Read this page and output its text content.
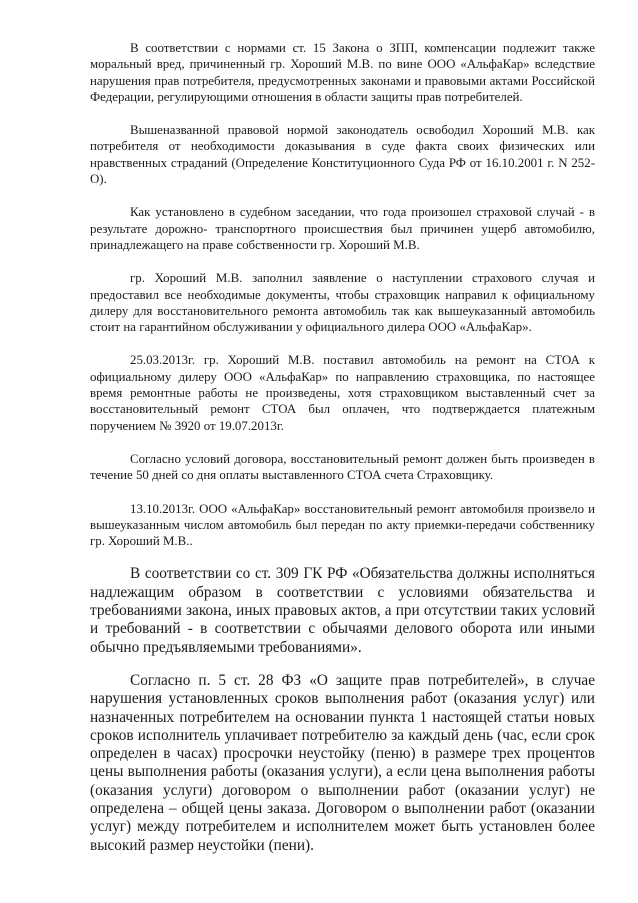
В соответствии с нормами ст. 15 Закона о ЗПП, компенсации подлежит также моральный вред, причиненный гр. Хороший М.В. по вине ООО «АльфаКар» вследствие нарушения прав потребителя, предусмотренных законами и правовыми актами Российской Федерации, регулирующими отношения в области защиты прав потребителей.

Вышеназванной правовой нормой законодатель освободил Хороший М.В. как потребителя от необходимости доказывания в суде факта своих физических или нравственных страданий (Определение Конституционного Суда РФ от 16.10.2001 г. N 252-О).

Как установлено в судебном заседании, что года произошел страховой случай - в результате дорожно- транспортного происшествия был причинен ущерб автомобилю, принадлежащего на праве собственности гр. Хороший М.В.

гр. Хороший М.В. заполнил заявление о наступлении страхового случая и предоставил все необходимые документы, чтобы страховщик направил к официальному дилеру для восстановительного ремонта автомобиль так как вышеуказанный автомобиль стоит на гарантийном обслуживании у официального дилера ООО «АльфаКар».

25.03.2013г. гр. Хороший М.В. поставил автомобиль на ремонт на СТОА к официальному дилеру ООО «АльфаКар» по направлению страховщика, по настоящее время ремонтные работы не произведены, хотя страховщиком выставленный счет за восстановительный ремонт СТОА был оплачен, что подтверждается платежным поручением № 3920 от 19.07.2013г.

Согласно условий договора, восстановительный ремонт должен быть произведен в течение 50 дней со дня оплаты выставленного СТОА счета Страховщику.

13.10.2013г. ООО «АльфаКар» восстановительный ремонт автомобиля произвело и вышеуказанным числом автомобиль был передан по акту приемки-передачи собственнику гр. Хороший М.В..

В соответствии со ст. 309 ГК РФ «Обязательства должны исполняться надлежащим образом в соответствии с условиями обязательства и требованиями закона, иных правовых актов, а при отсутствии таких условий и требований - в соответствии с обычаями делового оборота или иными обычно предъявляемыми требованиями».

Согласно п. 5 ст. 28 ФЗ «О защите прав потребителей», в случае нарушения установленных сроков выполнения работ (оказания услуг) или назначенных потребителем на основании пункта 1 настоящей статьи новых сроков исполнитель уплачивает потребителю за каждый день (час, если срок определен в часах) просрочки неустойку (пеню) в размере трех процентов цены выполнения работы (оказания услуги), а если цена выполнения работы (оказания услуги) договором о выполнении работ (оказании услуг) не определена – общей цены заказа. Договором о выполнении работ (оказании услуг) между потребителем и исполнителем может быть установлен более высокий размер неустойки (пени).
